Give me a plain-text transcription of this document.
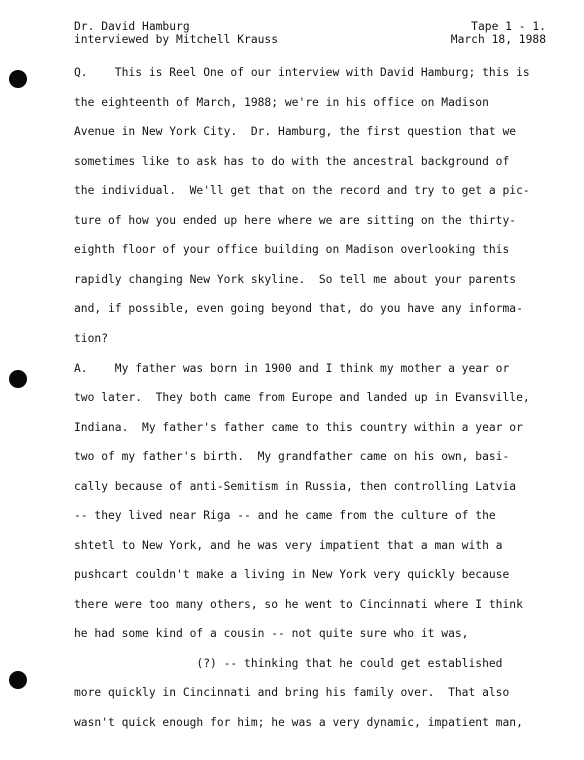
Dr. David Hamburg
interviewed by Mitchell Krauss
Tape 1 - 1.
March 18, 1988
Q.    This is Reel One of our interview with David Hamburg; this is
the eighteenth of March, 1988; we're in his office on Madison
Avenue in New York City.  Dr. Hamburg, the first question that we
sometimes like to ask has to do with the ancestral background of
the individual.  We'll get that on the record and try to get a pic-
ture of how you ended up here where we are sitting on the thirty-
eighth floor of your office building on Madison overlooking this
rapidly changing New York skyline.  So tell me about your parents
and, if possible, even going beyond that, do you have any informa-
tion?
A.    My father was born in 1900 and I think my mother a year or
two later.  They both came from Europe and landed up in Evansville,
Indiana.  My father's father came to this country within a year or
two of my father's birth.  My grandfather came on his own, basi-
cally because of anti-Semitism in Russia, then controlling Latvia
-- they lived near Riga -- and he came from the culture of the
shtetl to New York, and he was very impatient that a man with a
pushcart couldn't make a living in New York very quickly because
there were too many others, so he went to Cincinnati where I think
he had some kind of a cousin -- not quite sure who it was,
(?) -- thinking that he could get established
more quickly in Cincinnati and bring his family over.  That also
wasn't quick enough for him; he was a very dynamic, impatient man,
